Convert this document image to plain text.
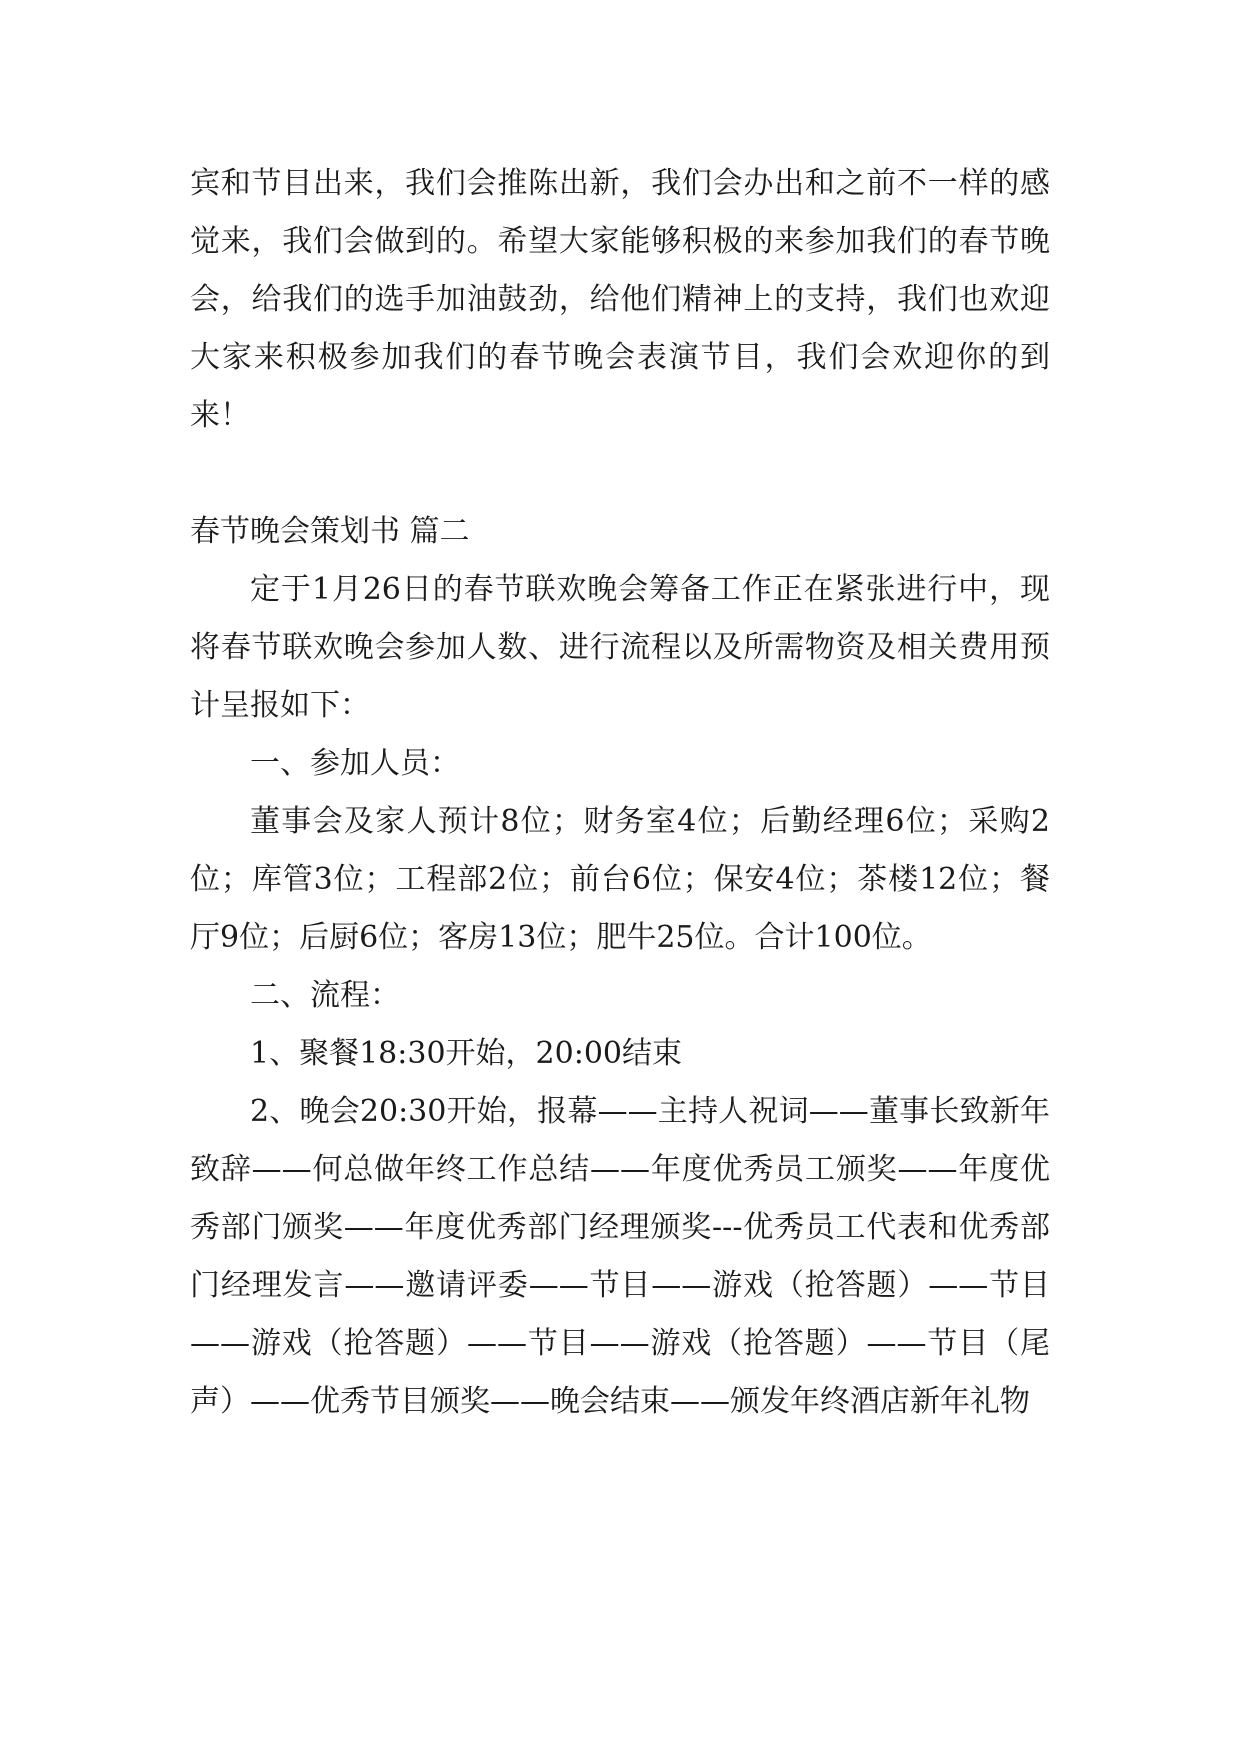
宾和节目出来，我们会推陈出新，我们会办出和之前不一样的感觉来，我们会做到的。希望大家能够积极的来参加我们的春节晚会，给我们的选手加油鼓劲，给他们精神上的支持，我们也欢迎大家来积极参加我们的春节晚会表演节目，我们会欢迎你的到来！

春节晚会策划书 篇二

定于1月26日的春节联欢晚会筹备工作正在紧张进行中，现将春节联欢晚会参加人数、进行流程以及所需物资及相关费用预计呈报如下：

一、参加人员：

董事会及家人预计8位；财务室4位；后勤经理6位；采购2位；库管3位；工程部2位；前台6位；保安4位；茶楼12位；餐厅9位；后厨6位；客房13位；肥牛25位。合计100位。

二、流程：

1、聚餐18:30开始，20:00结束

2、晚会20:30开始，报幕——主持人祝词——董事长致新年致辞——何总做年终工作总结——年度优秀员工颁奖——年度优秀部门颁奖——年度优秀部门经理颁奖---优秀员工代表和优秀部门经理发言——邀请评委——节目——游戏（抢答题）——节目——游戏（抢答题）——节目——游戏（抢答题）——节目（尾声）——优秀节目颁奖——晚会结束——颁发年终酒店新年礼物
